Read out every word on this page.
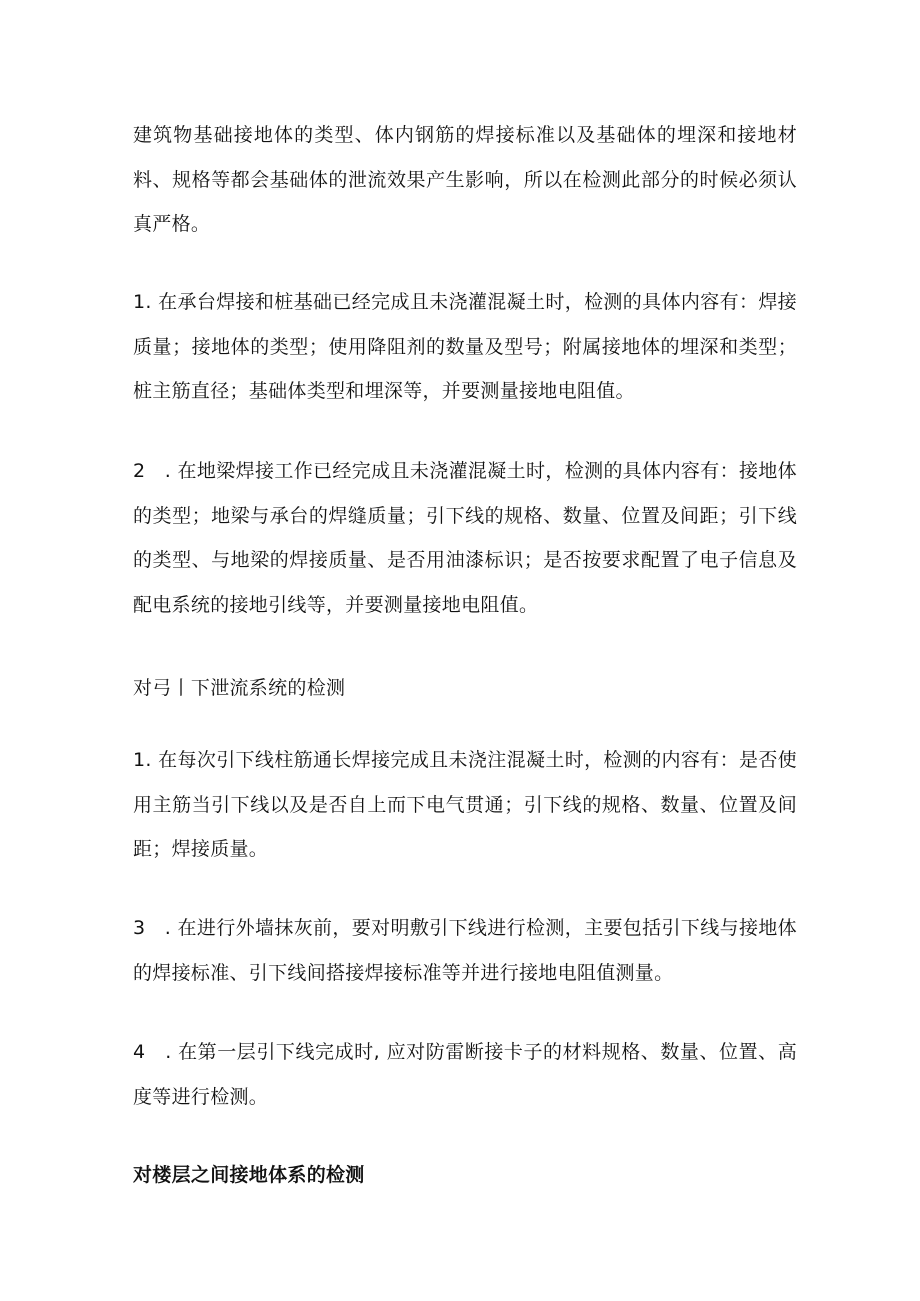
建筑物基础接地体的类型、体内钢筋的焊接标准以及基础体的埋深和接地材料、规格等都会基础体的泄流效果产生影响，所以在检测此部分的时候必须认真严格。

1. 在承台焊接和桩基础已经完成且未浇灌混凝土时，检测的具体内容有：焊接质量；接地体的类型；使用降阻剂的数量及型号；附属接地体的埋深和类型；桩主筋直径；基础体类型和埋深等，并要测量接地电阻值。

2　. 在地梁焊接工作已经完成且未浇灌混凝土时，检测的具体内容有：接地体的类型；地梁与承台的焊缝质量；引下线的规格、数量、位置及间距；引下线的类型、与地梁的焊接质量、是否用油漆标识；是否按要求配置了电子信息及配电系统的接地引线等，并要测量接地电阻值。

对弓丨下泄流系统的检测

1. 在每次引下线柱筋通长焊接完成且未浇注混凝土时，检测的内容有：是否使用主筋当引下线以及是否自上而下电气贯通；引下线的规格、数量、位置及间距；焊接质量。

3　. 在进行外墙抹灰前，要对明敷引下线进行检测，主要包括引下线与接地体的焊接标准、引下线间搭接焊接标准等并进行接地电阻值测量。

4　. 在第一层引下线完成时, 应对防雷断接卡子的材料规格、数量、位置、高度等进行检测。

对楼层之间接地体系的检测
